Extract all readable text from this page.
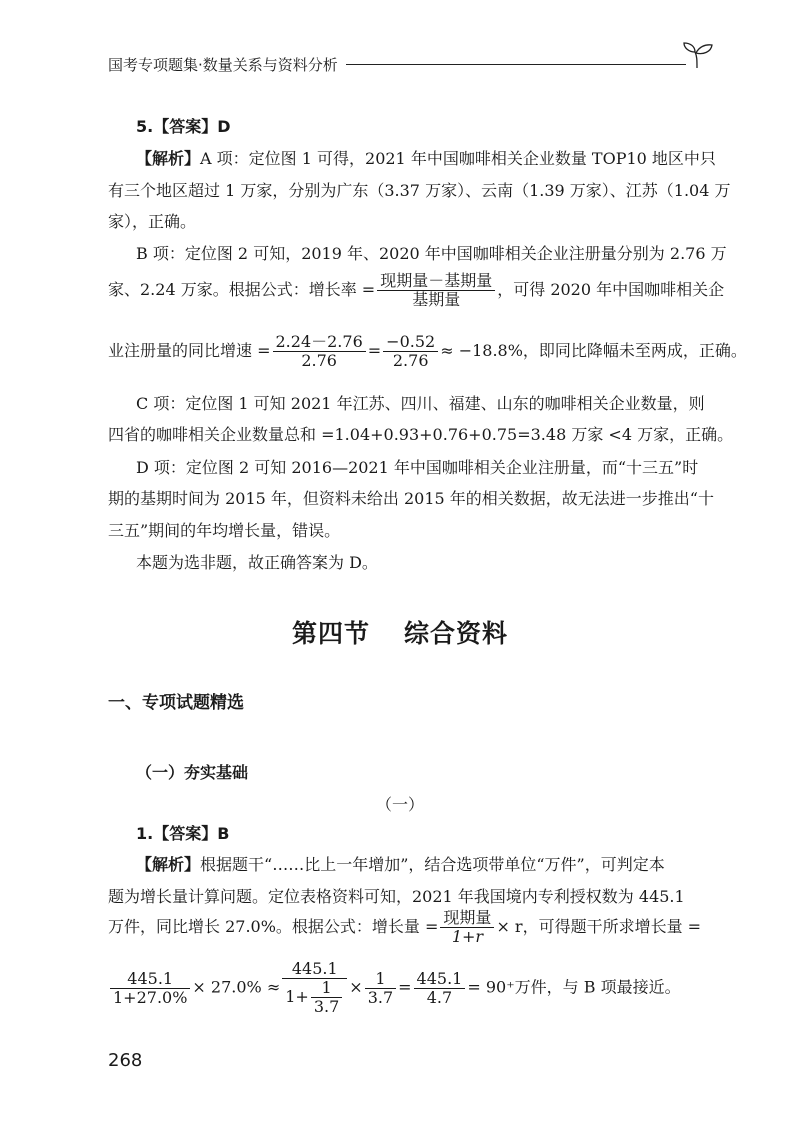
国考专项题集·数量关系与资料分析
5.【答案】D
【解析】A 项：定位图 1 可得，2021 年中国咖啡相关企业数量 TOP10 地区中只
有三个地区超过 1 万家，分别为广东（3.37 万家）、云南（1.39 万家）、江苏（1.04 万
家），正确。
B 项：定位图 2 可知，2019 年、2020 年中国咖啡相关企业注册量分别为 2.76 万
家、2.24 万家。根据公式：增长率 = $\frac{\text{现期量－基期量}}{\text{基期量}}$ ，可得 2020 年中国咖啡相关企
业注册量的同比增速 = $\frac{2.24-2.76}{2.76} = \frac{-0.52}{2.76} \approx -18.8\%$，即同比降幅未至两成，正确。
C 项：定位图 1 可知 2021 年江苏、四川、福建、山东的咖啡相关企业数量，则
四省的咖啡相关企业数量总和 =1.04+0.93+0.76+0.75=3.48 万家 <4 万家，正确。
D 项：定位图 2 可知 2016—2021 年中国咖啡相关企业注册量，而“十三五”时
期的基期时间为 2015 年，但资料未给出 2015 年的相关数据，故无法进一步推出“十
三五”期间的年均增长量，错误。
本题为选非题，故正确答案为 D。
第四节 综合资料
一、专项试题精选
（一）夯实基础
（一）
1.【答案】B
【解析】根据题干“……比上一年增加”，结合选项带单位“万件”，可判定本
题为增长量计算问题。定位表格资料可知，2021 年我国境内专利授权数为 445.1
万件，同比增长 27.0%。根据公式：增长量 = $\frac{\text{现期量}}{1+r} \times r$，可得题干所求增长量 =
$\frac{445.1}{1+27.0\%} \times 27.0\% \approx \frac{445.1}{1+ \frac{1}{3.7}} \times \frac{1}{3.7} = \frac{445.1}{4.7} = 90^+$万件，与 B 项最接近。
268
